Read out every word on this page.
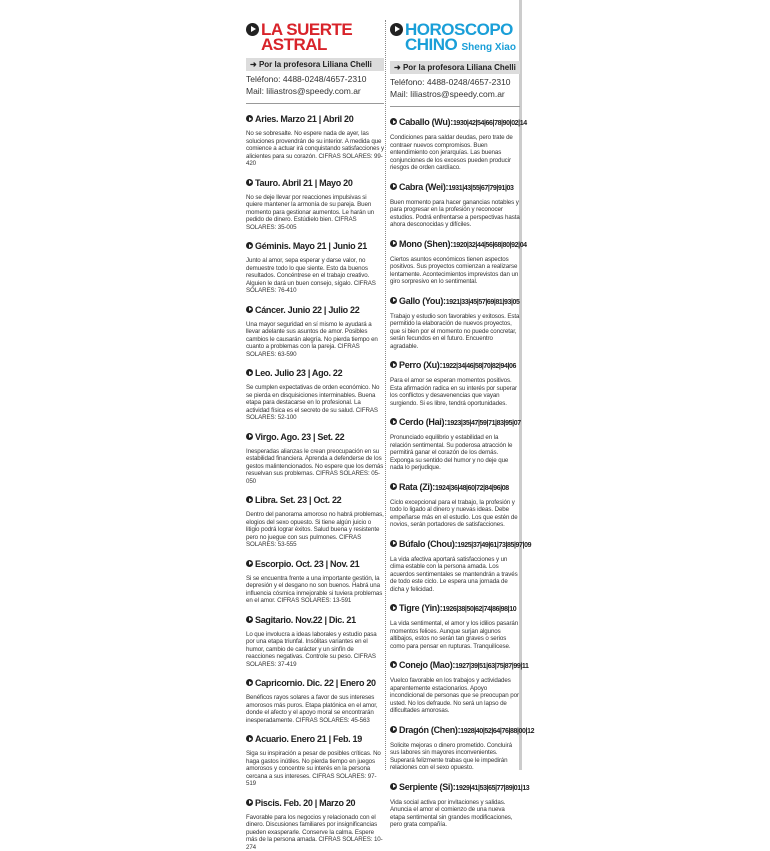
LA SUERTE
ASTRAL
➜ Por la profesora Liliana Chelli
Teléfono: 4488-0248/4657-2310
Mail: liliastros@speedy.com.ar
Aries. Marzo 21 | Abril 20
No se sobresalte. No espere nada de ayer, las soluciones provendrán de su interior. A medida que comience a actuar irá conquistando satisfacciones y alicientes para su corazón. CIFRAS SOLARES: 99-420
Tauro. Abril 21 | Mayo 20
No se deje llevar por reacciones impulsivas si quiere mantener la armonía de su pareja. Buen momento para gestionar aumentos. Le harán un pedido de dinero. Estúdielo bien. CIFRAS SOLARES: 35-005
Géminis. Mayo 21 | Junio 21
Junto al amor, sepa esperar y darse valor, no demuestre todo lo que siente. Esto da buenos resultados. Concéntrese en el trabajo creativo. Alguien le dará un buen consejo, sígalo. CIFRAS SOLARES: 76-410
Cáncer. Junio 22 | Julio 22
Una mayor seguridad en sí mismo le ayudará a llevar adelante sus asuntos de amor. Posibles cambios le causarán alegría. No pierda tiempo en cuanto a problemas con la pareja. CIFRAS SOLARES: 63-590
Leo. Julio 23 | Ago. 22
Se cumplen expectativas de orden económico. No se pierda en disquisiciones interminables. Buena etapa para destacarse en lo profesional. La actividad física es el secreto de su salud. CIFRAS SOLARES: 52-100
Virgo. Ago. 23 | Set. 22
Inesperadas alianzas le crean preocupación en su estabilidad financiera. Aprenda a defenderse de los gestos malintencionados. No espere que los demás resuelvan sus problemas. CIFRAS SOLARES: 05-050
Libra. Set. 23 | Oct. 22
Dentro del panorama amoroso no habrá problemas, elogios del sexo opuesto. Si tiene algún juicio o litigio podrá lograr éxitos. Salud buena y resistente pero no juegue con sus pulmones. CIFRAS SOLARES: 53-555
Escorpio. Oct. 23 | Nov. 21
Si se encuentra frente a una importante gestión, la depresión y el desgano no son buenos. Habrá una influencia cósmica inmejorable si tuviera problemas en el amor. CIFRAS SOLARES: 13-591
Sagitario. Nov.22 | Dic. 21
Lo que involucra a ideas laborales y estudio pasa por una etapa triunfal. Insólitas variantes en el humor, cambio de carácter y un sinfín de reacciones negativas. Controle su peso. CIFRAS SOLARES: 37-419
Capricornio. Dic. 22 | Enero 20
Benéficos rayos solares a favor de sus intereses amorosos más puros. Etapa platónica en el amor, donde el afecto y el apoyo moral se encontrarán inesperadamente. CIFRAS SOLARES: 45-563
Acuario. Enero 21 | Feb. 19
Siga su inspiración a pesar de posibles críticas. No haga gastos inútiles. No pierda tiempo en juegos amorosos y concentre su interés en la persona cercana a sus intereses. CIFRAS SOLARES: 97-519
Piscis. Feb. 20 | Marzo 20
Favorable para los negocios y relacionado con el dinero. Discusiones familiares por insignificancias pueden exasperarle. Conserve la calma. Espere más de la persona amada. CIFRAS SOLARES: 10-274
HOROSCOPO
CHINO Sheng Xiao
➜ Por la profesora Liliana Chelli
Teléfono: 4488-0248/4657-2310
Mail: liliastros@speedy.com.ar
Caballo (Wu):1930|42|54|66|78|90|02|14
Condiciones para saldar deudas, pero trate de contraer nuevos compromisos. Buen entendimiento con jerarquías. Las buenas conjunciones de los excesos pueden producir riesgos de orden cardíaco.
Cabra (Wei):1931|43|55|67|79|91|03
Buen momento para hacer ganancias notables y para progresar en la profesión y reconocer estudios. Podrá enfrentarse a perspectivas hasta ahora desconocidas y difíciles.
Mono (Shen):1920|32|44|56|68|80|92|04
Ciertos asuntos económicos tienen aspectos positivos. Sus proyectos comienzan a realizarse lentamente. Acontecimientos imprevistos dan un giro sorpresivo en lo sentimental.
Gallo (You):1921|33|45|57|69|81|93|05
Trabajo y estudio son favorables y exitosos. Esta permitido la elaboración de nuevos proyectos, que si bien por el momento no puede concretar, serán fecundos en el futuro. Encuentro agradable.
Perro (Xu):1922|34|46|58|70|82|94|06
Para el amor se esperan momentos positivos. Esta afirmación radica en su interés por superar los conflictos y desavenencias que vayan surgiendo. Si es libre, tendrá oportunidades.
Cerdo (Hai):1923|35|47|59|71|83|95|07
Pronunciado equilibrio y estabilidad en la relación sentimental. Su poderosa atracción le permitirá ganar el corazón de los demás. Exponga su sentido del humor y no deje que nada lo perjudique.
Rata (Zi):1924|36|48|60|72|84|96|08
Ciclo excepcional para el trabajo, la profesión y todo lo ligado al dinero y nuevas ideas. Debe empeñarse más en el estudio. Los que estén de novios, serán portadores de satisfacciones.
Búfalo (Chou):1925|37|49|61|73|85|97|09
La vida afectiva aportará satisfacciones y un clima estable con la persona amada. Los acuerdos sentimentales se mantendrán a través de todo este ciclo. Le espera una jornada de dicha y felicidad.
Tigre (Yin):1926|38|50|62|74|86|98|10
La vida sentimental, el amor y los idilios pasarán momentos felices. Aunque surjan algunos altibajos, estos no serán tan graves o serios como para pensar en rupturas. Tranquilícese.
Conejo (Mao):1927|39|51|63|75|87|99|11
Vuelco favorable en los trabajos y actividades aparentemente estacionarios. Apoyo incondicional de personas que se preocupan por usted. No los defraude. No será un lapso de dificultades amorosas.
Dragón (Chen):1928|40|52|64|76|88|00|12
Solicite mejoras o dinero prometido. Concluirá sus labores sin mayores inconvenientes. Superará felizmente trabas que le impedirán relaciones con el sexo opuesto.
Serpiente (Si):1929|41|53|65|77|89|01|13
Vida social activa por invitaciones y salidas. Anuncia el amor el comienzo de una nueva etapa sentimental sin grandes modificaciones, pero grata compañía.
